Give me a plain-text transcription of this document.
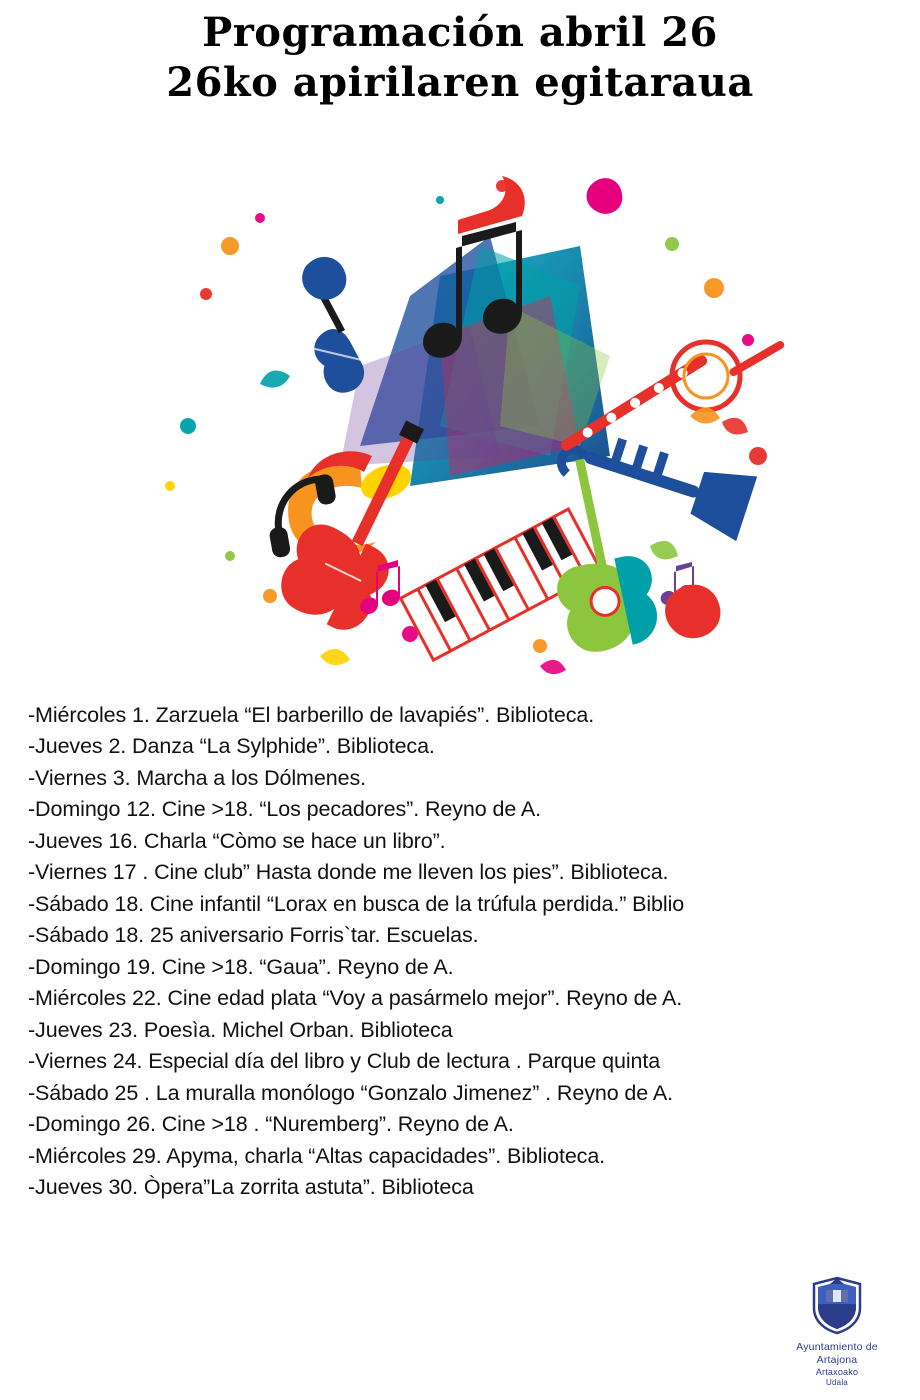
Programación abril 26
26ko apirilaren egitaraua
-Miércoles 1. Zarzuela “El barberillo de lavapiés”. Biblioteca.
-Jueves 2. Danza “La Sylphide”. Biblioteca.
-Viernes 3. Marcha a los Dólmenes.
-Domingo 12. Cine >18. “Los pecadores”. Reyno de A.
-Jueves 16. Charla “Còmo se hace un libro”.
-Viernes 17 . Cine club” Hasta donde me lleven los pies”. Biblioteca.
-Sábado 18. Cine infantil “Lorax en busca de la trúfula perdida.” Biblio
-Sábado 18. 25 aniversario Forris`tar. Escuelas.
-Domingo 19. Cine >18. “Gaua”. Reyno de A.
-Miércoles 22. Cine edad plata “Voy a pasármelo mejor”. Reyno de A.
-Jueves 23. Poesìa. Michel Orban. Biblioteca
-Viernes 24. Especial día del libro y Club de lectura . Parque quinta
-Sábado 25 . La muralla monólogo “Gonzalo Jimenez” . Reyno de A.
-Domingo 26. Cine >18 . “Nuremberg”. Reyno de A.
-Miércoles 29. Apyma, charla “Altas capacidades”. Biblioteca.
-Jueves 30. Òpera”La zorrita astuta”. Biblioteca
Ayuntamiento de Artajona
Artaxoako
Udala
